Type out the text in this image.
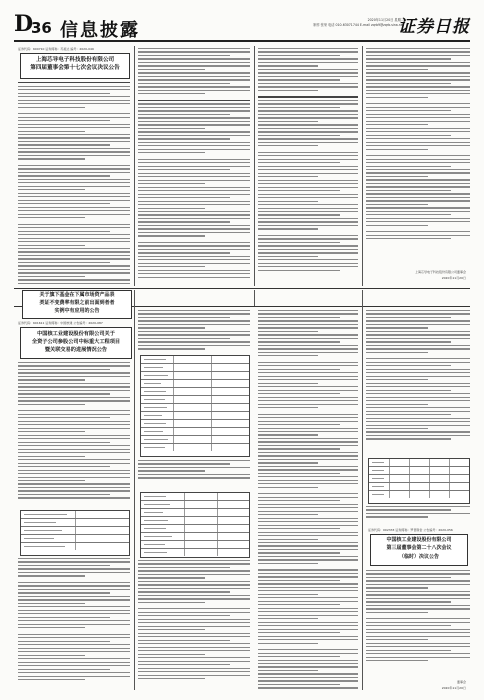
D
36 信息披露	2020年11月20日 星期二
制作 张荣 电话 010-63071744 E-mail zqrb9@zqrb.sina.net
证券日报
证券代码：600710 证券简称：苏美达 编号：2020-049
上海芯导电子科技股份有限公司
第四届董事会第十七次会议决议公告
上海芯导电子科技股份有限公司董事会
2020年11月20日
关于旗下基金在下属市场资产品表
类证不变费率有限之前出面到者者
实例中有应用的公告
证券代码：601611 证券简称：中国核建 公告编号：2020-087
中国核工业建设股份有限公司关于
全资子公司参股公司中标重大工程项目
暨关联交易的进展情况公告
证券代码：002333 证券简称：罗普斯金 公告编号：2020-056
中国核工业建设股份有限公司
第三届董事会第二十八次会议
（临时）决议公告
董事会
2020年11月20日
